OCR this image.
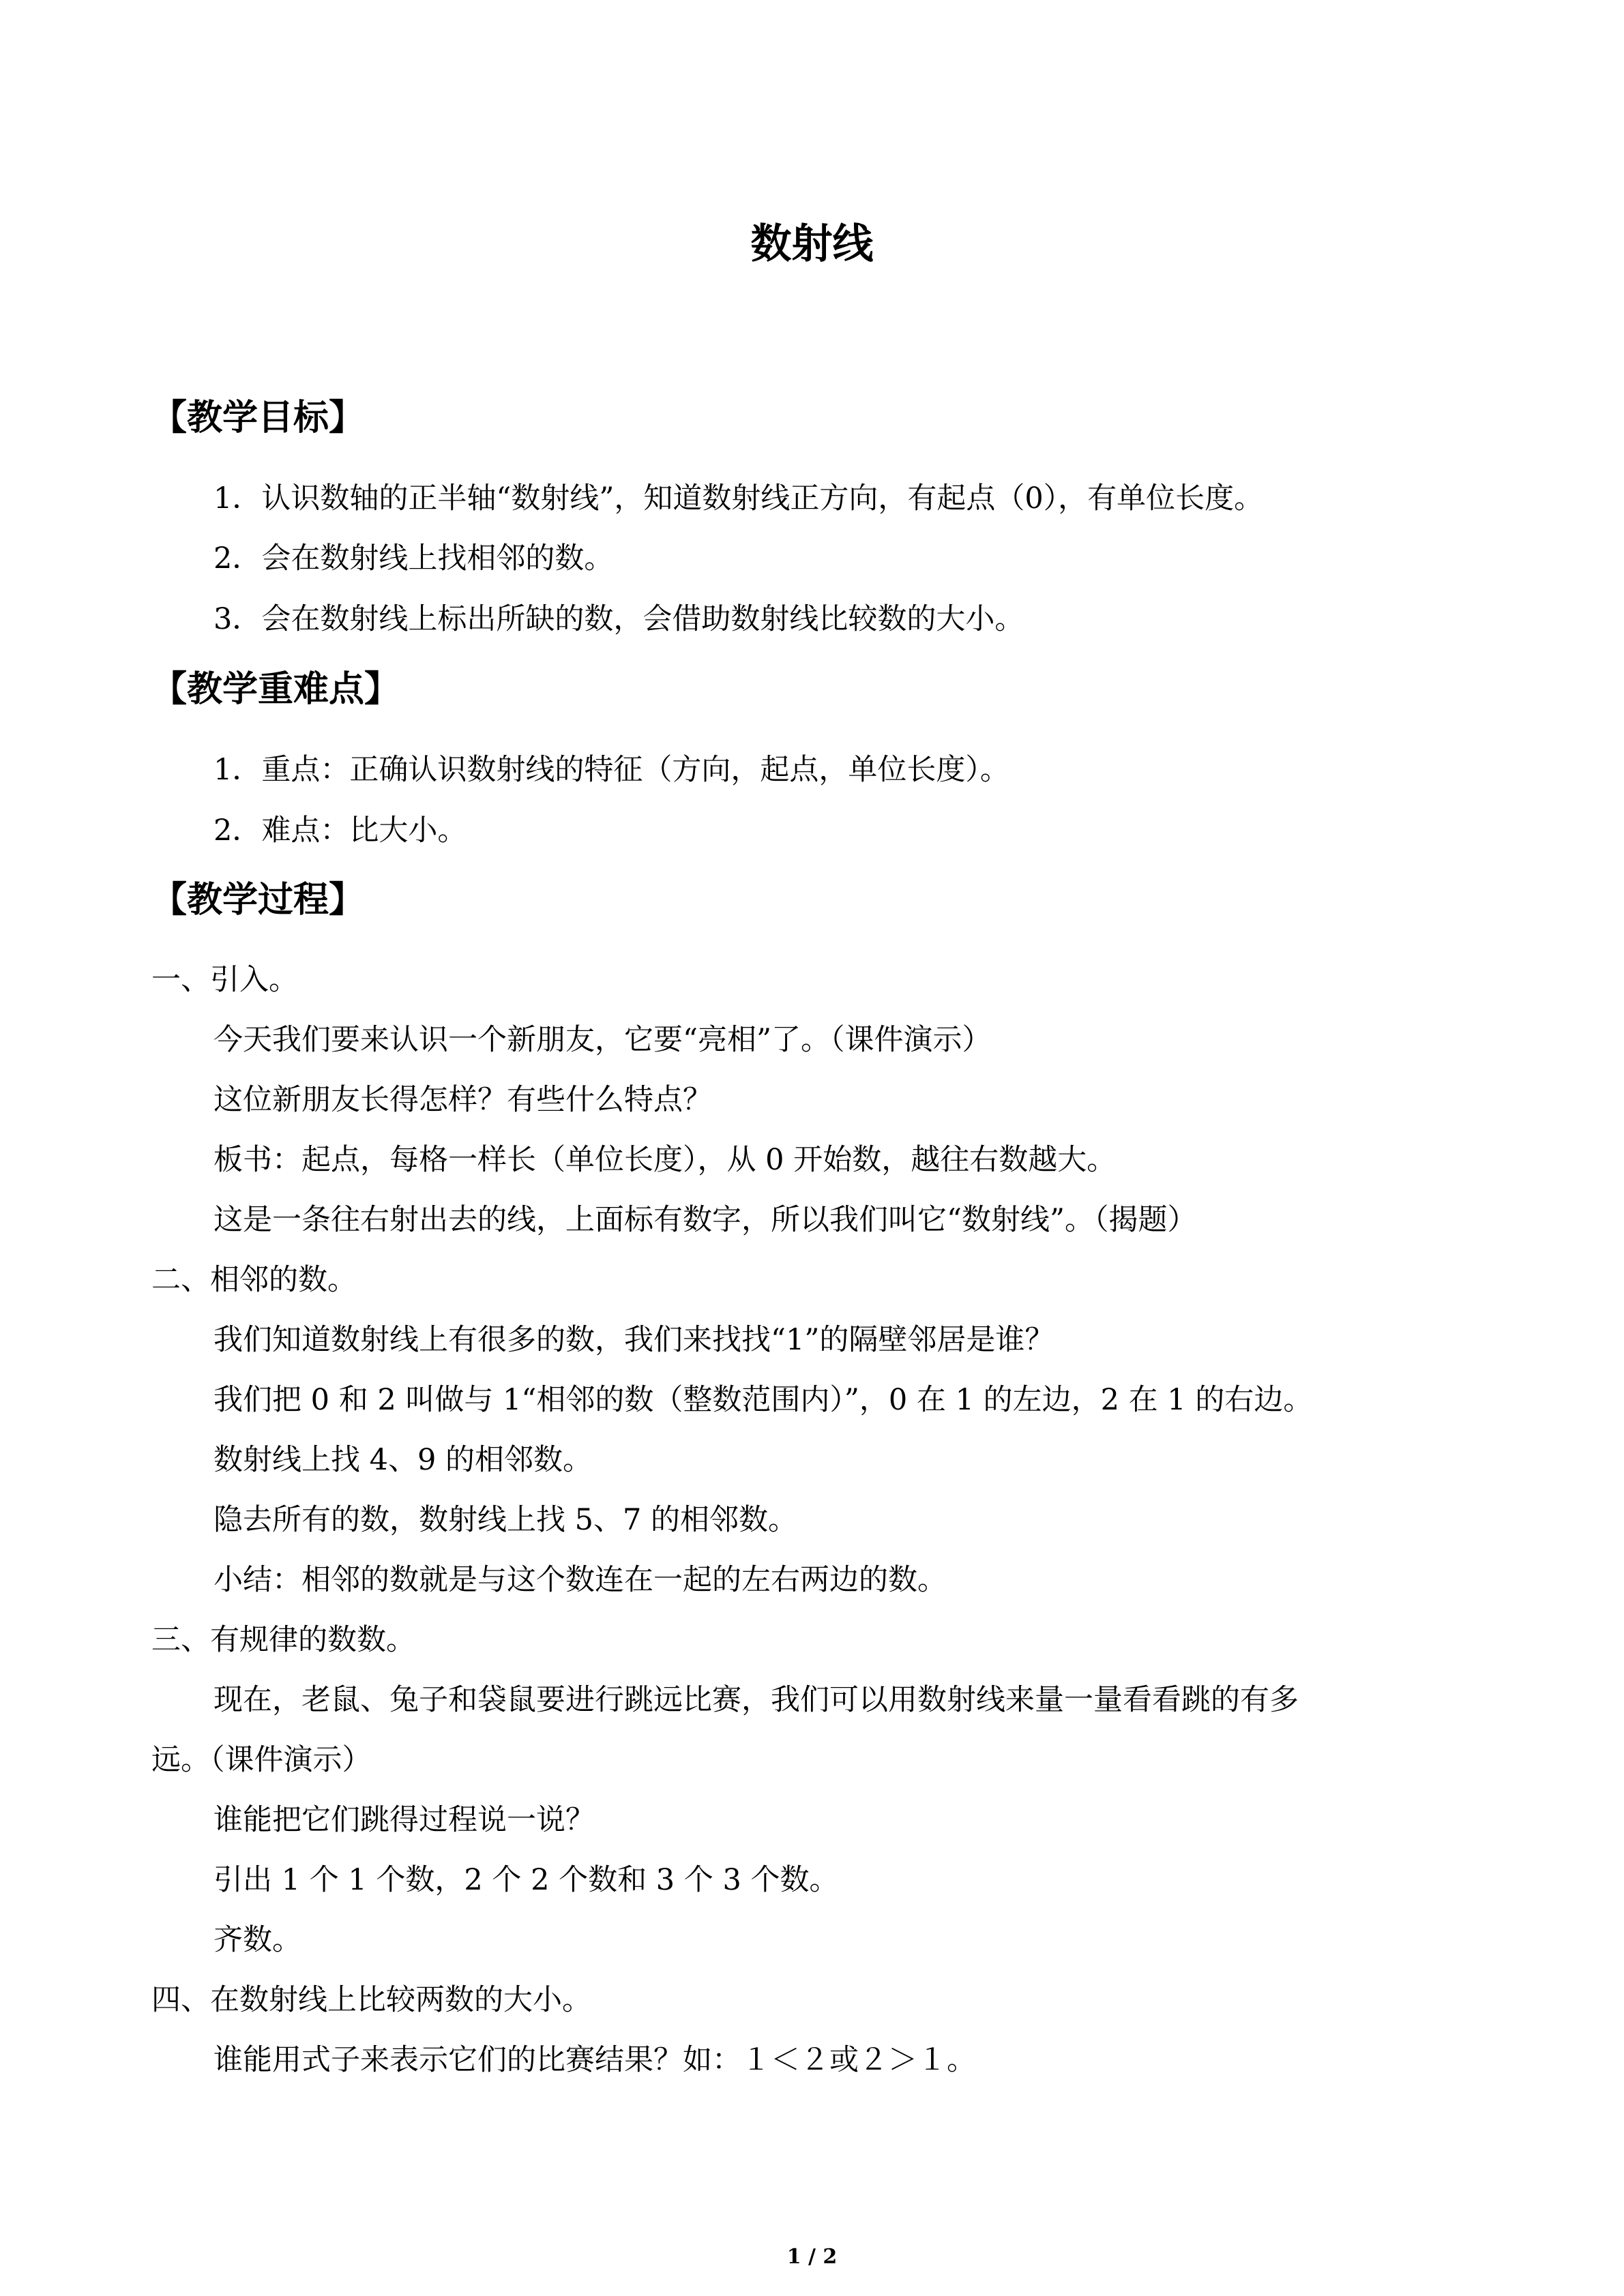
数射线
【教学目标】
1．认识数轴的正半轴“数射线”，知道数射线正方向，有起点（0），有单位长度。
2．会在数射线上找相邻的数。
3．会在数射线上标出所缺的数，会借助数射线比较数的大小。
【教学重难点】
1．重点：正确认识数射线的特征（方向，起点，单位长度）。
2．难点：比大小。
【教学过程】
一、引入。
今天我们要来认识一个新朋友，它要“亮相”了。（课件演示）
这位新朋友长得怎样？有些什么特点？
板书：起点，每格一样长（单位长度），从 0 开始数，越往右数越大。
这是一条往右射出去的线，上面标有数字，所以我们叫它“数射线”。（揭题）
二、相邻的数。
我们知道数射线上有很多的数，我们来找找“1”的隔壁邻居是谁？
我们把 0 和 2 叫做与 1“相邻的数（整数范围内）”，0 在 1 的左边，2 在 1 的右边。
数射线上找 4、9 的相邻数。
隐去所有的数，数射线上找 5、7 的相邻数。
小结：相邻的数就是与这个数连在一起的左右两边的数。
三、有规律的数数。
现在，老鼠、兔子和袋鼠要进行跳远比赛，我们可以用数射线来量一量看看跳的有多
远。（课件演示）
谁能把它们跳得过程说一说？
引出 1 个 1 个数，2 个 2 个数和 3 个 3 个数。
齐数。
四、在数射线上比较两数的大小。
谁能用式子来表示它们的比赛结果？如：１＜２或２＞１。
1 / 2
